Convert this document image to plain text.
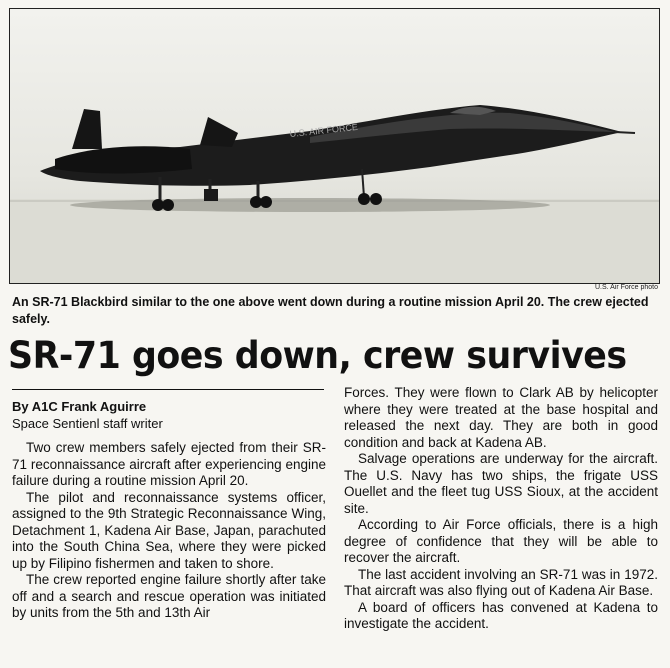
U.S. AIR FORCE
U.S. Air Force photo
An SR-71 Blackbird similar to the one above went down during a routine mission April 20. The crew ejected safely.
SR-71 goes down, crew survives
By A1C Frank Aguirre
Space Sentienl staff writer

Two crew members safely ejected from their SR-71 reconnaissance aircraft after experiencing engine failure during a routine mission April 20.

The pilot and reconnaissance systems officer, assigned to the 9th Strategic Reconnaissance Wing, Detachment 1, Kadena Air Base, Japan, parachuted into the South China Sea, where they were picked up by Filipino fishermen and taken to shore.

The crew reported engine failure shortly after take off and a search and rescue operation was initiated by units from the 5th and 13th Air

Forces. They were flown to Clark AB by helicopter where they were treated at the base hospital and released the next day. They are both in good condition and back at Kadena AB.

Salvage operations are underway for the aircraft. The U.S. Navy has two ships, the frigate USS Ouellet and the fleet tug USS Sioux, at the accident site.

According to Air Force officials, there is a high degree of confidence that they will be able to recover the aircraft.

The last accident involving an SR-71 was in 1972. That aircraft was also flying out of Kadena Air Base.

A board of officers has convened at Kadena to investigate the accident.
